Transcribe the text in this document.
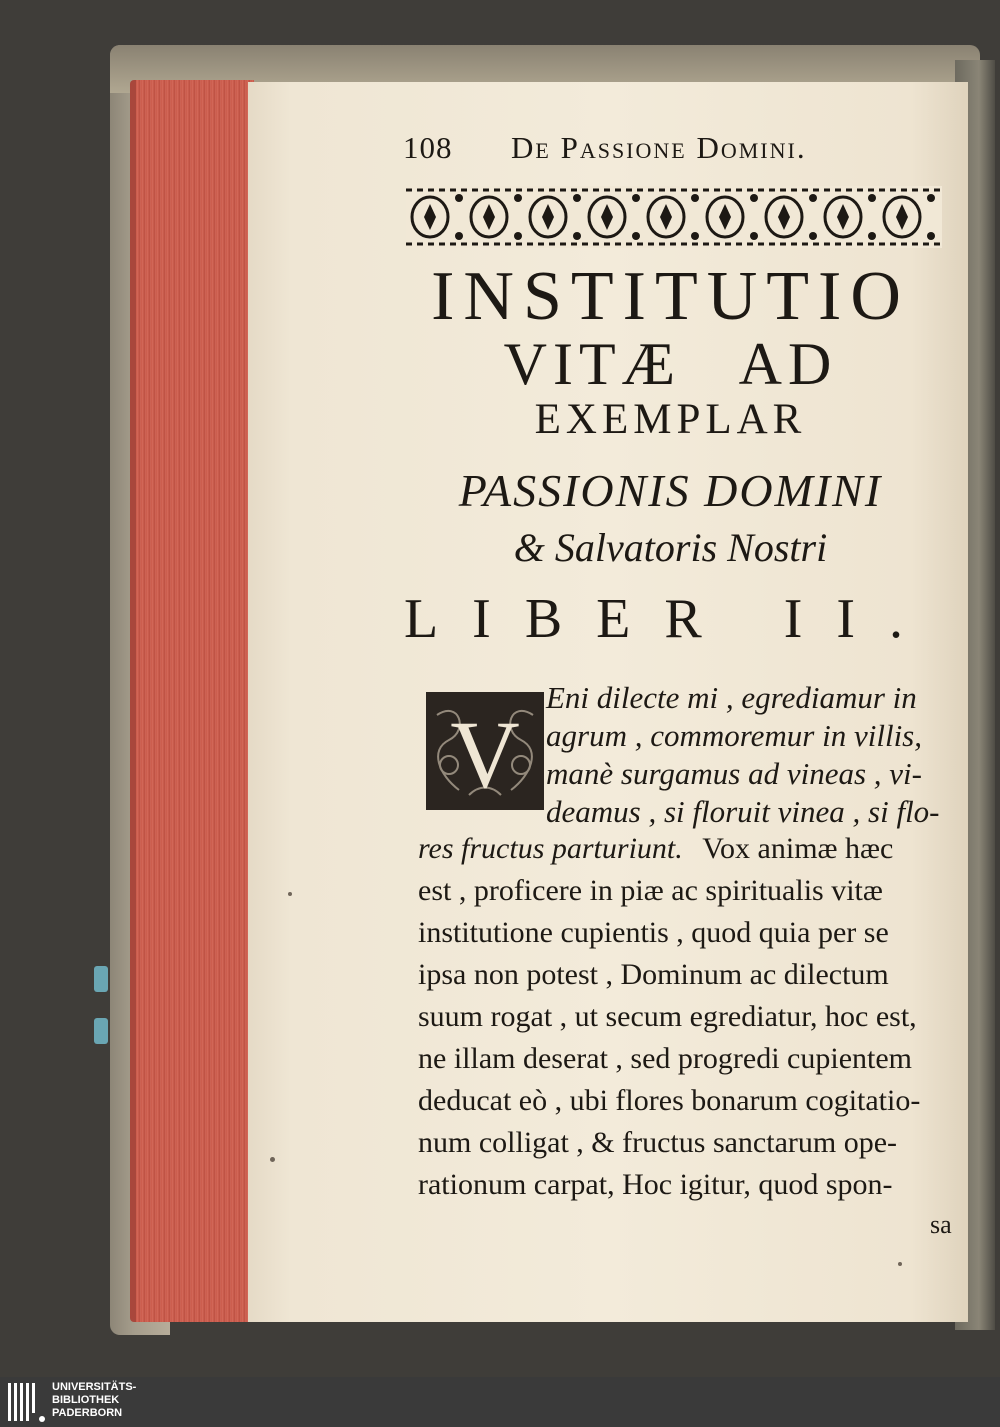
108 De Passione Domini.
INSTITUTIO
VITÆ AD
EXEMPLAR
PASSIONIS DOMINI
& Salvatoris Nostri
LIBER II.
V
Eni dilecte mi , egrediamur in
agrum , commoremur in villis,
manè surgamus ad vineas , vi-
deamus , si floruit vinea , si flo-
res fructus parturiunt. Vox animæ hæc
est , proficere in piæ ac spiritualis vitæ
institutione cupientis , quod quia per se
ipsa non potest , Dominum ac dilectum
suum rogat , ut secum egrediatur, hoc est,
ne illam deserat , sed progredi cupientem
deducat eò , ubi flores bonarum cogitatio-
num colligat , & fructus sanctarum ope-
rationum carpat, Hoc igitur, quod spon-
sa
UNIVERSITÄTS-
BIBLIOTHEK
PADERBORN
